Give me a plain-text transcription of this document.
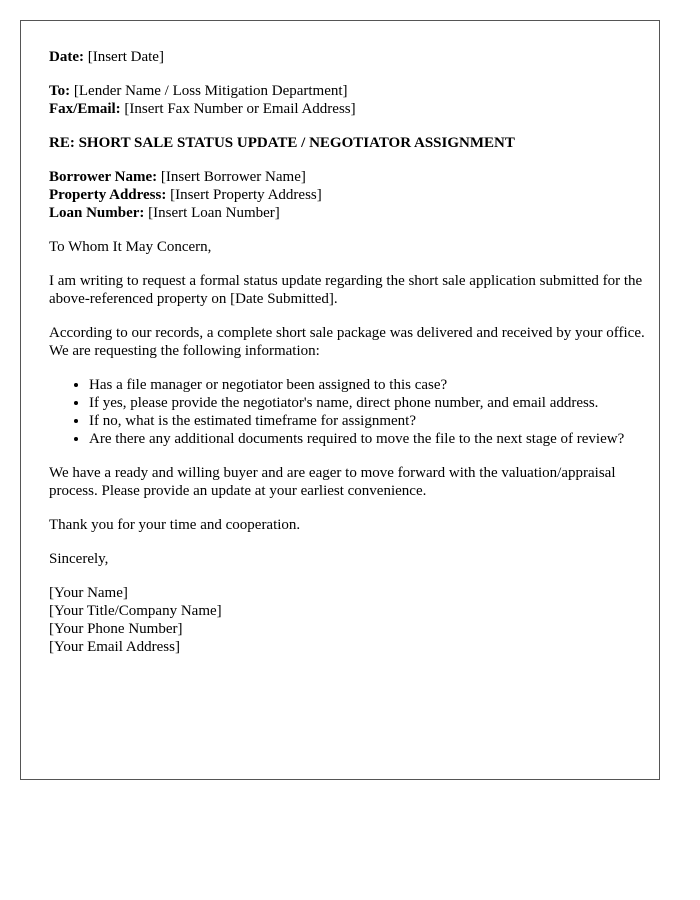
Date: [Insert Date]

To: [Lender Name / Loss Mitigation Department]
Fax/Email: [Insert Fax Number or Email Address]

RE: SHORT SALE STATUS UPDATE / NEGOTIATOR ASSIGNMENT

Borrower Name: [Insert Borrower Name]
Property Address: [Insert Property Address]
Loan Number: [Insert Loan Number]

To Whom It May Concern,

I am writing to request a formal status update regarding the short sale application submitted for the above-referenced property on [Date Submitted].

According to our records, a complete short sale package was delivered and received by your office. We are requesting the following information:

• Has a file manager or negotiator been assigned to this case?
• If yes, please provide the negotiator's name, direct phone number, and email address.
• If no, what is the estimated timeframe for assignment?
• Are there any additional documents required to move the file to the next stage of review?

We have a ready and willing buyer and are eager to move forward with the valuation/appraisal process. Please provide an update at your earliest convenience.

Thank you for your time and cooperation.

Sincerely,

[Your Name]
[Your Title/Company Name]
[Your Phone Number]
[Your Email Address]
